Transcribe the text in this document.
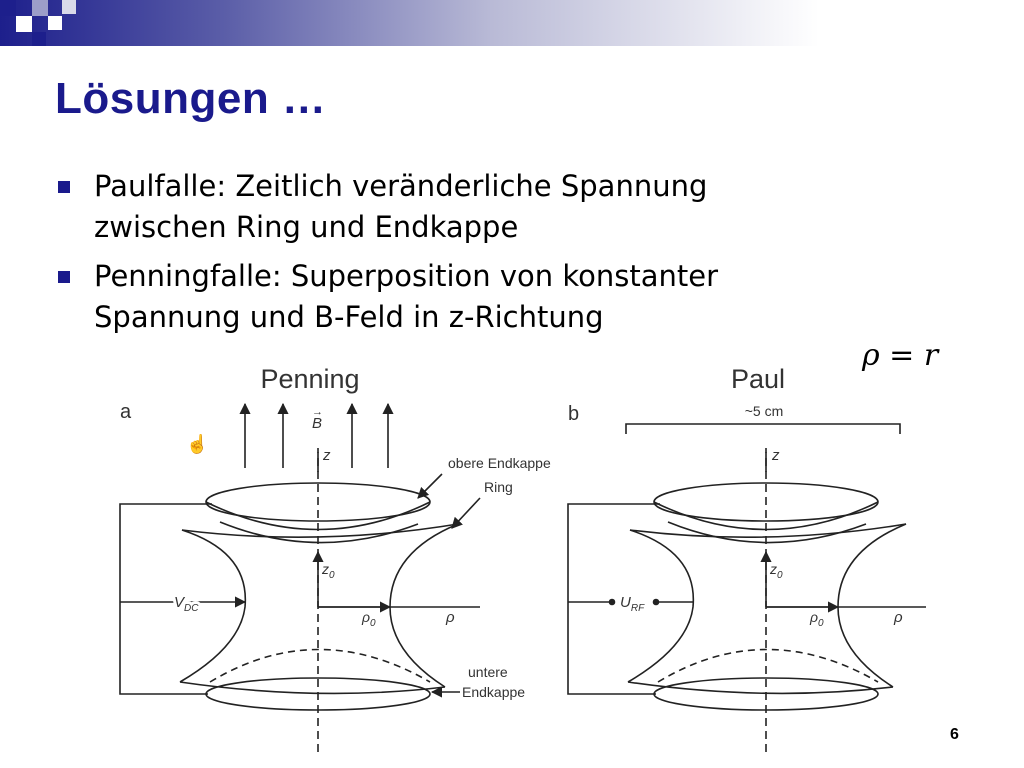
Lösungen …
Paulfalle: Zeitlich veränderliche Spannung
zwischen Ring und Endkappe
Penningfalle: Superposition von konstanter
Spannung und B-Feld in z-Richtung
ρ = r
Penning
a
☝
B
→
z
$z_0$
$\rho_0$	ρ
$V_{DC}$
obere Endkappe
Ring
untere
Endkappe
Paul
b	~5 cm
z
$z_0$
$\rho_0$	ρ
$U_{RF}$
6
